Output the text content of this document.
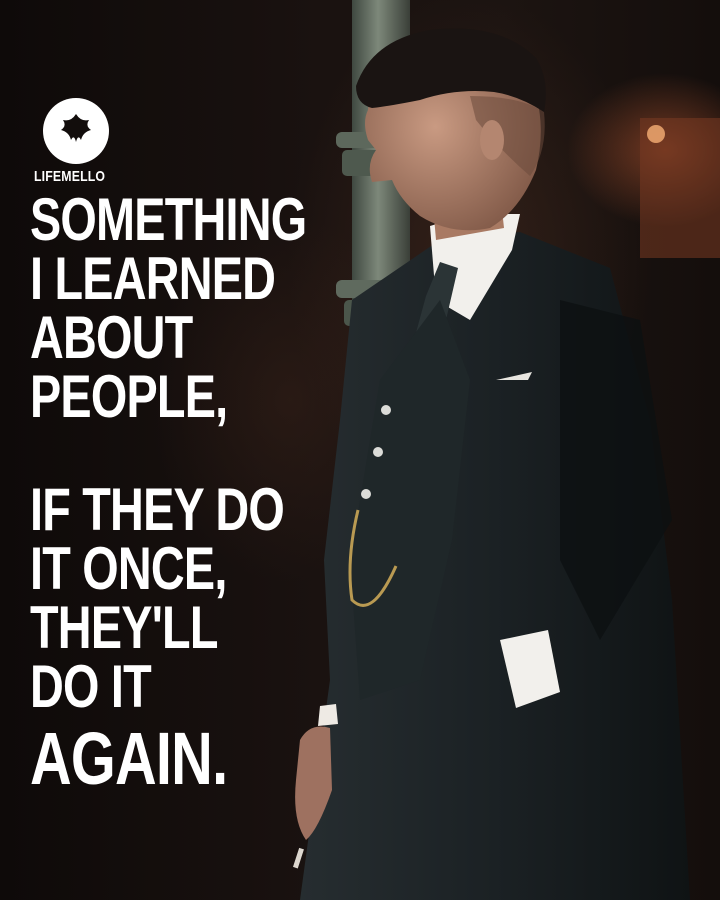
LIFEMELLO
SOMETHING
I LEARNED
ABOUT
PEOPLE,
IF THEY DO
IT ONCE,
THEY'LL
DO IT
AGAIN.
